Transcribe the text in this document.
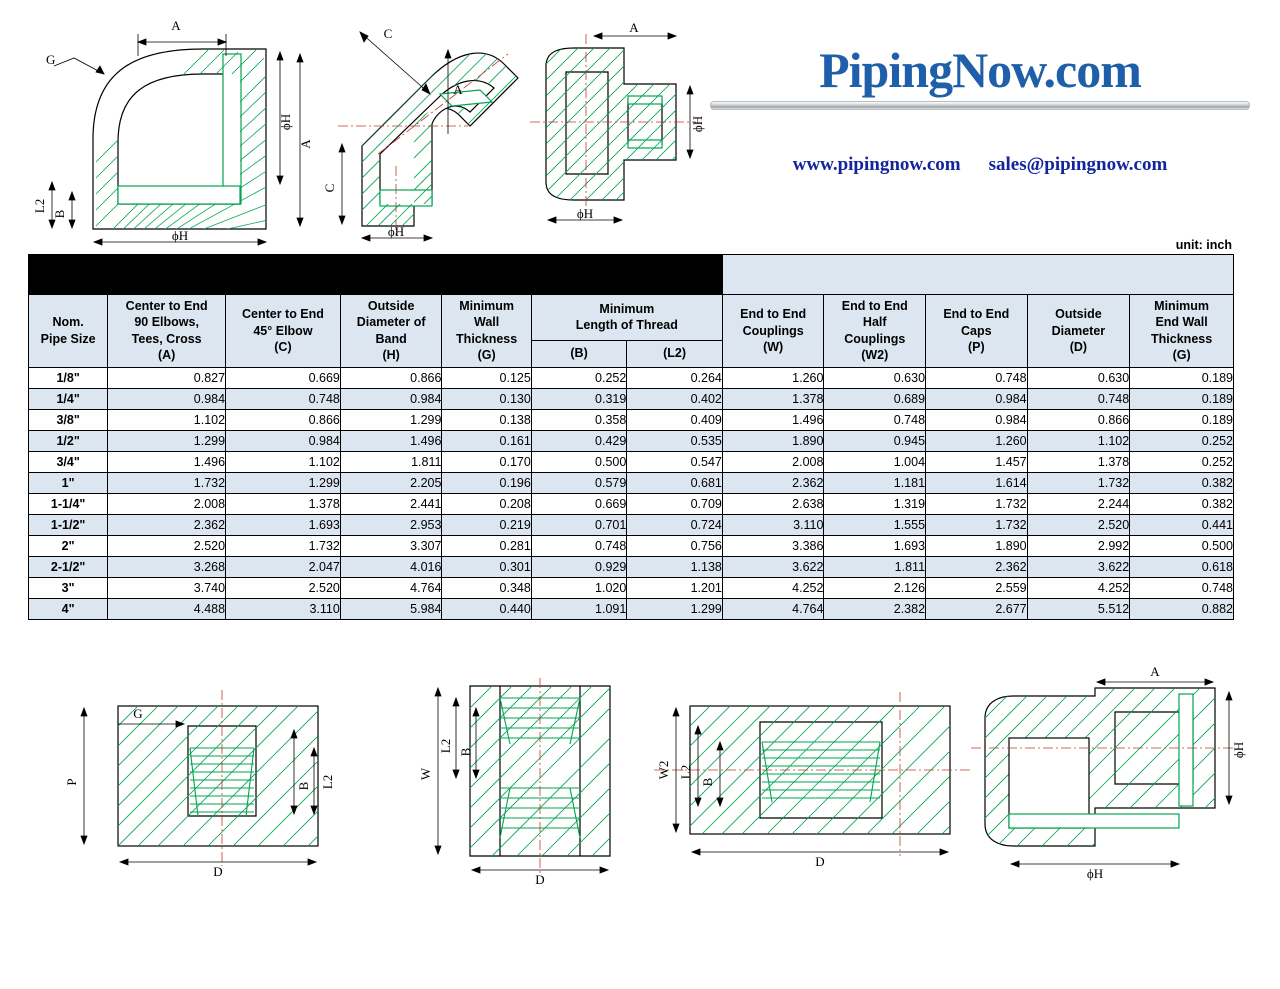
A
G
ϕH
A
ϕH
L2
B
C
A
C
ϕH
A
ϕH
ϕH
PipingNow.com
www.pipingnow.com sales@pipingnow.com
unit: inch
3000# THREADED FITTING DIMENSIONS
STAINLESS STEEL 304/304L, 316/316L A182											

Nom.
Pipe Size

Center to End
90 Elbows,
Tees, Cross
(A)

Center to End
45° Elbow
(C)

Outside
Diameter of
Band
(H)

Minimum
Wall
Thickness
(G)

Minimum
Length of Thread

End to End
Couplings
(W)

End to End
Half
Couplings
(W2)

End to End
Caps
(P)

Outside
Diameter
(D)

Minimum
End Wall
Thickness
(G)

					(B)	(L2)					
1/8"	0.827	0.669	0.866	0.125	0.252	0.264	1.260	0.630	0.748	0.630	0.189
1/4"	0.984	0.748	0.984	0.130	0.319	0.402	1.378	0.689	0.984	0.748	0.189
3/8"	1.102	0.866	1.299	0.138	0.358	0.409	1.496	0.748	0.984	0.866	0.189
1/2"	1.299	0.984	1.496	0.161	0.429	0.535	1.890	0.945	1.260	1.102	0.252
3/4"	1.496	1.102	1.811	0.170	0.500	0.547	2.008	1.004	1.457	1.378	0.252
1"	1.732	1.299	2.205	0.196	0.579	0.681	2.362	1.181	1.614	1.732	0.382
1-1/4"	2.008	1.378	2.441	0.208	0.669	0.709	2.638	1.319	1.732	2.244	0.382
1-1/2"	2.362	1.693	2.953	0.219	0.701	0.724	3.110	1.555	1.732	2.520	0.441
2"	2.520	1.732	3.307	0.281	0.748	0.756	3.386	1.693	1.890	2.992	0.500
2-1/2"	3.268	2.047	4.016	0.301	0.929	1.138	3.622	1.811	2.362	3.622	0.618
3"	3.740	2.520	4.764	0.348	1.020	1.201	4.252	2.126	2.559	4.252	0.748
4"	4.488	3.110	5.984	0.440	1.091	1.299	4.764	2.382	2.677	5.512	0.882
P
G
B L2
D
W
L2 B
D
W2 L2
B
D
A
ϕH
ϕH
